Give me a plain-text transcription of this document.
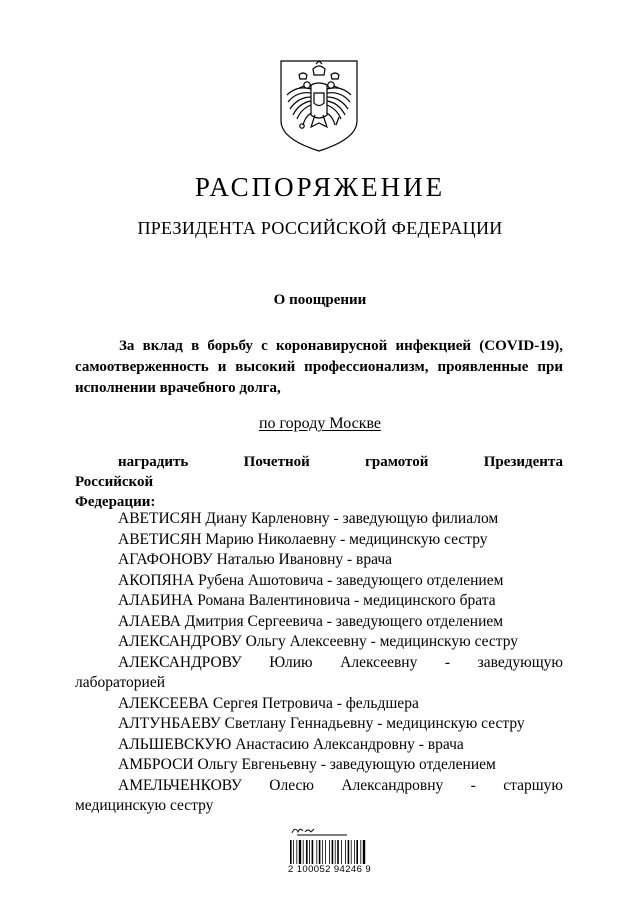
РАСПОРЯЖЕНИЕ
ПРЕЗИДЕНТА РОССИЙСКОЙ ФЕДЕРАЦИИ
О поощрении
За вклад в борьбу с коронавирусной инфекцией (COVID-19), самоотверженность и высокий профессионализм, проявленные при исполнении врачебного долга,
по городу Москве
наградить Почетной грамотой Президента Российской
Федерации:
АВЕТИСЯН Диану Карленовну - заведующую филиалом
АВЕТИСЯН Марию Николаевну - медицинскую сестру
АГАФОНОВУ Наталью Ивановну - врача
АКОПЯНА Рубена Ашотовича - заведующего отделением
АЛАБИНА Романа Валентиновича - медицинского брата
АЛАЕВА Дмитрия Сергеевича - заведующего отделением
АЛЕКСАНДРОВУ Ольгу Алексеевну - медицинскую сестру
АЛЕКСАНДРОВУ Юлию Алексеевну - заведующую
лабораторией
АЛЕКСЕЕВА Сергея Петровича - фельдшера
АЛТУНБАЕВУ Светлану Геннадьевну - медицинскую сестру
АЛЬШЕВСКУЮ Анастасию Александровну - врача
АМБРОСИ Ольгу Евгеньевну - заведующую отделением
АМЕЛЬЧЕНКОВУ Олесю Александровну - старшую
медицинскую сестру
2 100052 94246 9
